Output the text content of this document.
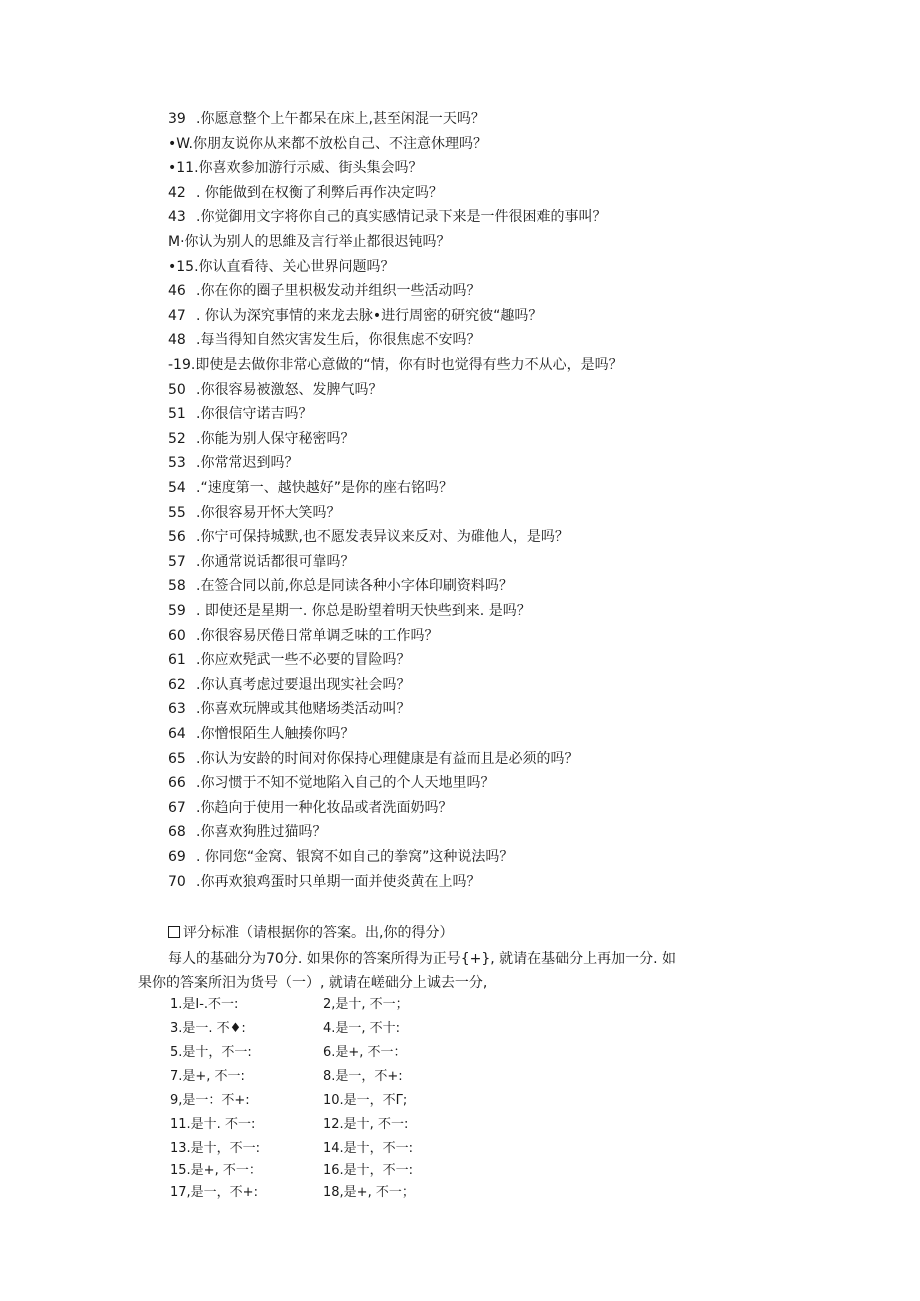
39 .你愿意整个上午都呆在床上,甚至闲混一天吗？
•W.你朋友说你从来都不放松自己、不注意休理吗？
•11.你喜欢参加游行示威、街头集会吗？
42 . 你能做到在权衡了利弊后再作决定吗？
43 .你觉御用文字将你自己的真实感情记录下来是一件很困难的事叫？
M·你认为别人的思維及言行举止都很迟钝吗？
•15.你认直看待、关心世界问题吗？
46 .你在你的圈子里枳极发动并组织一些活动吗？
47 . 你认为深究事情的来龙去脉•进行周密的研究彼“趣吗？
48 .每当得知自然灾害发生后，你很焦虑不安吗？
-19.即使是去做你非常心意做的“情，你有时也觉得有些力不从心，是吗？
50 .你很容易被激怒、发脾气吗？
51 .你很信守诺吉吗？
52 .你能为别人保守秘密吗？
53 .你常常迟到吗？
54 .“速度第一、越快越好”是你的座右铭吗？
55 .你很容易开怀大笑吗？
56 .你宁可保持城默,也不愿发表异议来反对、为碓他人，是吗？
57 .你通常说话都很可靠吗？
58 .在签合同以前,你总是同读各种小字体印刷资料吗？
59 . 即使还是星期一. 你总是盼望着明天快些到来. 是吗？
60 .你很容易厌倦日常单调乏味的工作吗？
61 .你应欢髡武一些不必要的冒险吗？
62 .你认真考虑过要退出现实社会吗？
63 .你喜欢玩牌或其他赌场类活动叫？
64 .你憎恨陌生人触揍你吗？
65 .你认为安龄的时间对你保持心理健康是有益而且是必须的吗？
66 .你习惯于不知不觉地陷入自己的个人天地里吗？
67 .你趋向于使用一种化妆品或者洗面奶吗？
68 .你喜欢狗胜过猫吗？
69 . 你同您“金窝、银窝不如自己的拳窝”这种说法吗？
70 .你再欢狼鸡蛋时只单期一面并使炎黄在上吗？
评分标准（请根据你的答案。出,你的得分）
每人的基础分为70分. 如果你的答案所得为正号{+}, 就请在基础分上再加一分. 如
果你的答案所汨为货号（一）, 就请在嵯础分上诚去一分,
1.是I-.不一:	2,是十, 不一；
3.是一. 不♦:	4.是一, 不十:
5.是十，不一:	6.是+, 不一：
7.是+, 不一:	8.是一，不+:
9,是一：不+:	10.是一，不Γ;
11.是十. 不一:	12.是十, 不一:
13.是十，不一:	14.是十，不一:
15.是+, 不一：	16.是十，不一:
17,是一，不+:	18,是+, 不一；
